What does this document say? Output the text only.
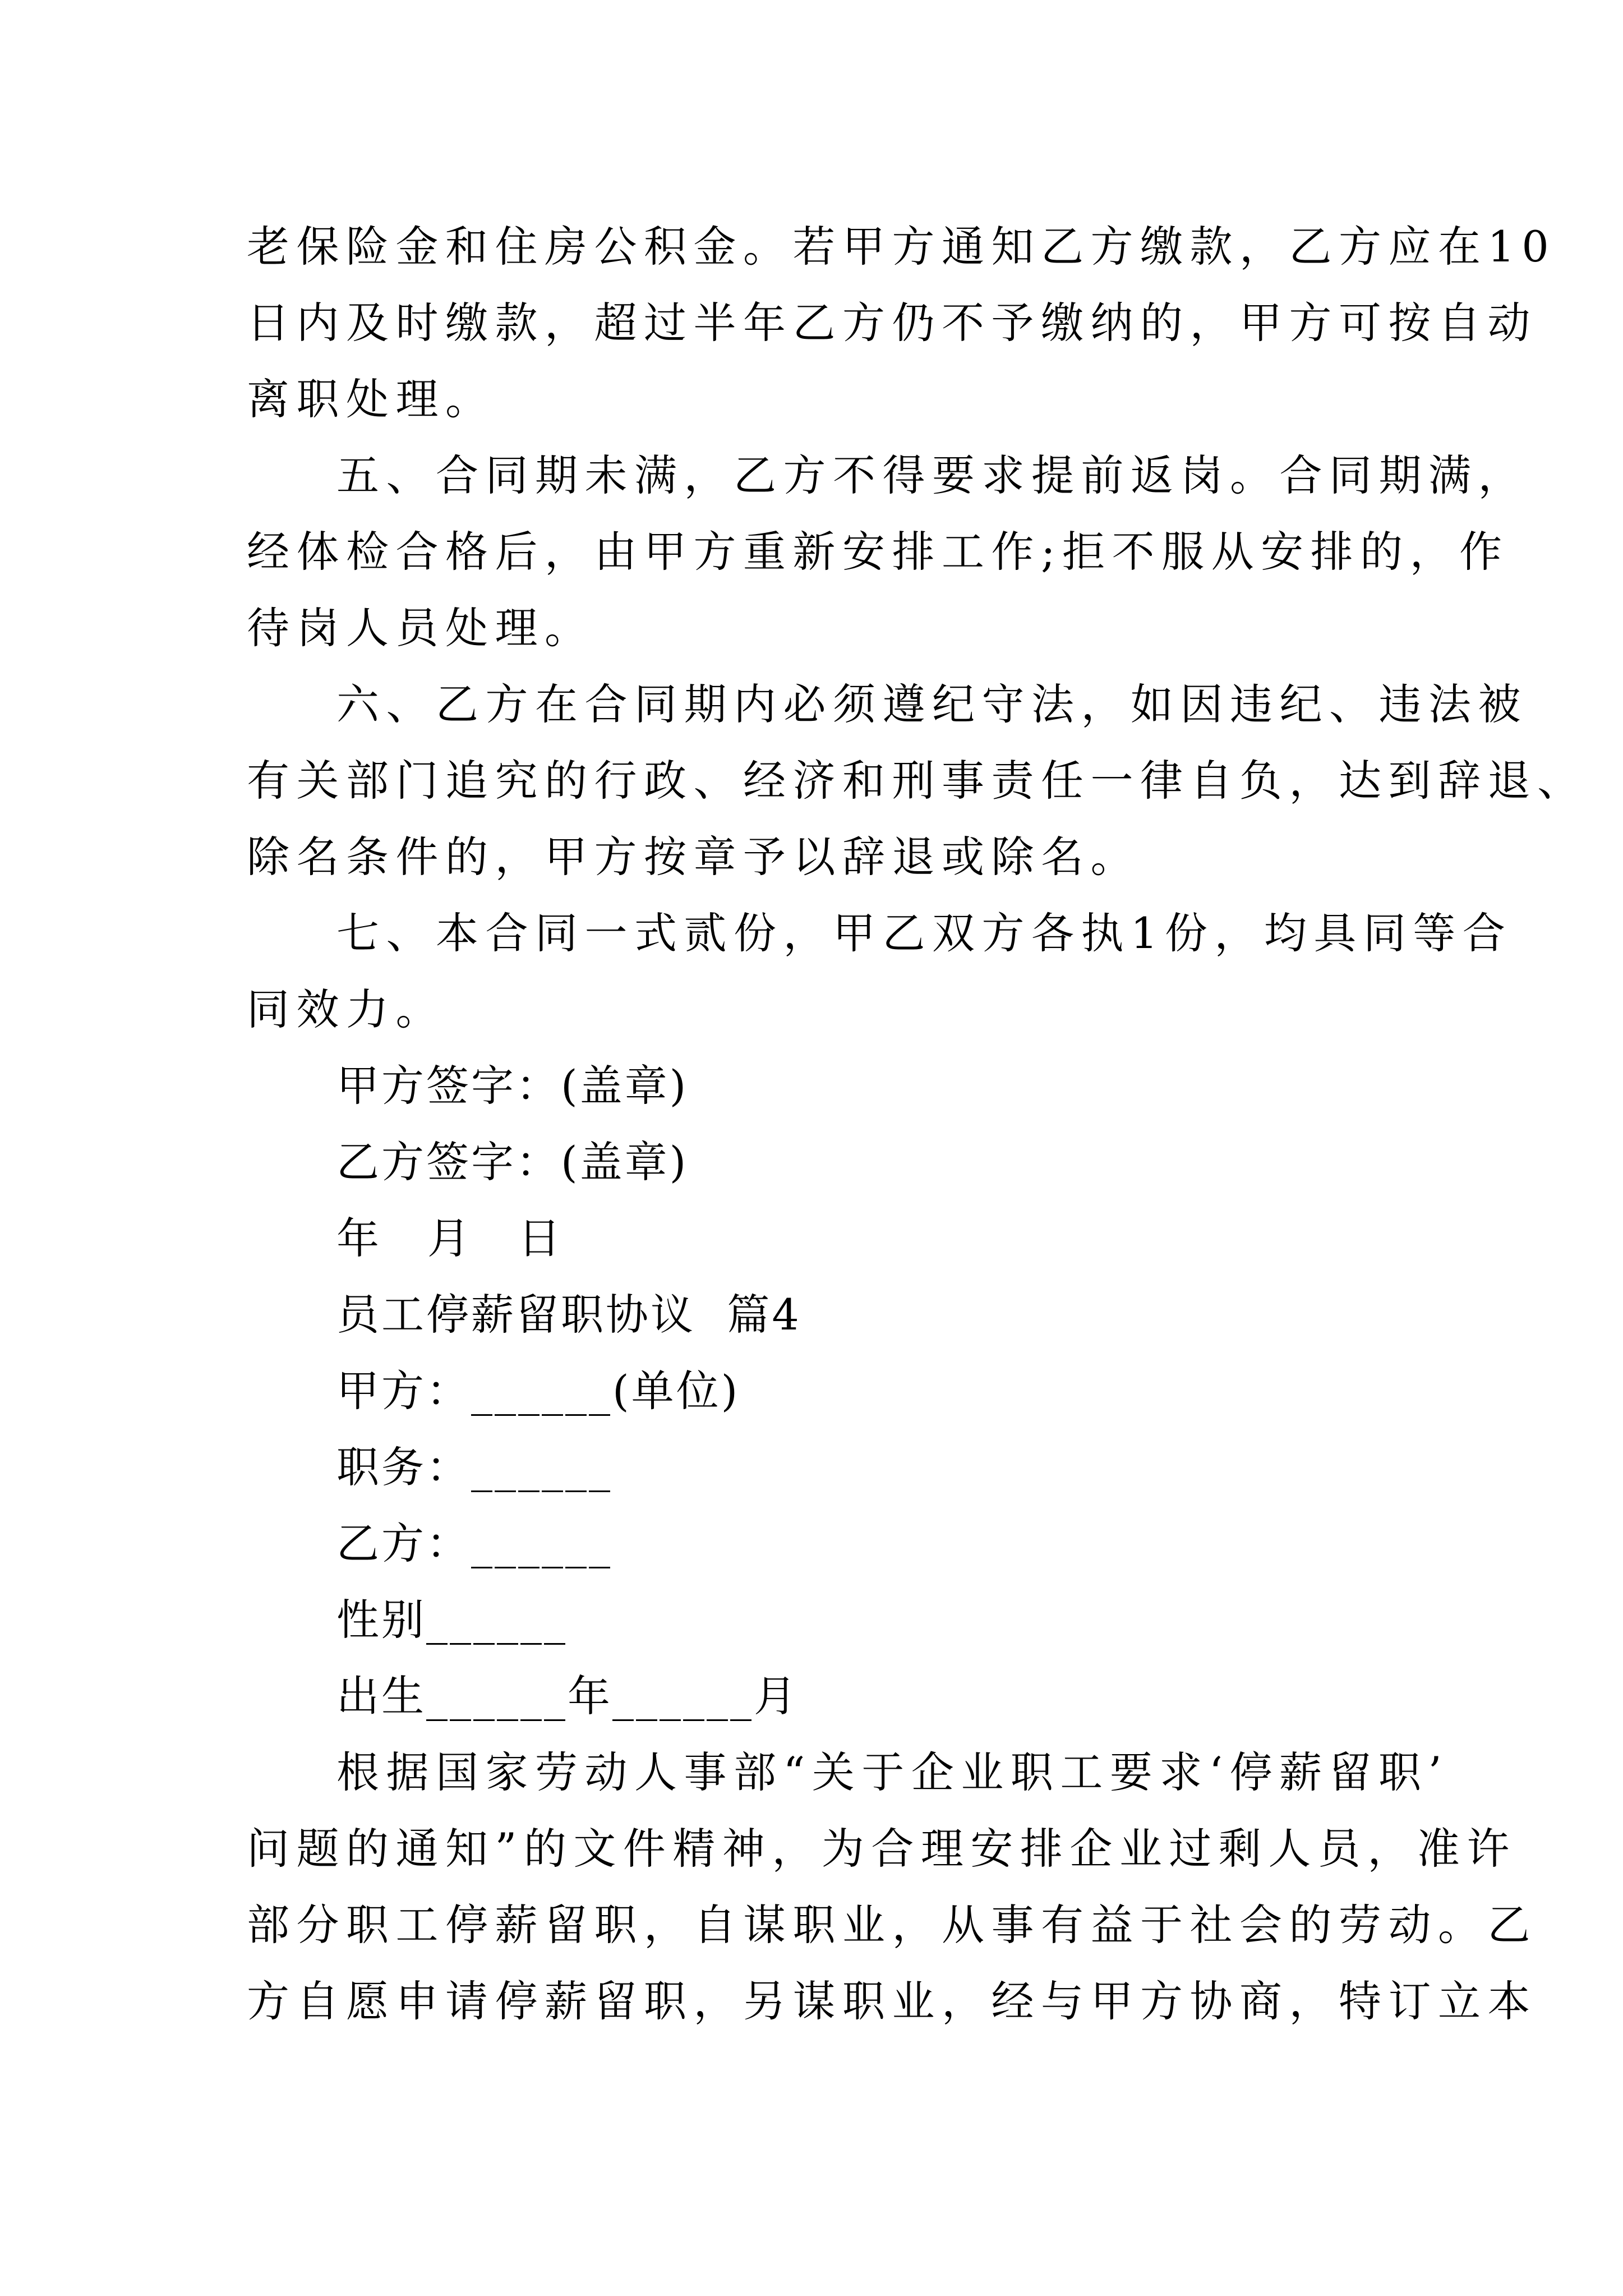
老保险金和住房公积金。若甲方通知乙方缴款，乙方应在10
日内及时缴款，超过半年乙方仍不予缴纳的，甲方可按自动
离职处理。
五、合同期未满，乙方不得要求提前返岗。合同期满，
经体检合格后，由甲方重新安排工作;拒不服从安排的，作
待岗人员处理。
六、乙方在合同期内必须遵纪守法，如因违纪、违法被
有关部门追究的行政、经济和刑事责任一律自负，达到辞退、
除名条件的，甲方按章予以辞退或除名。
七、本合同一式贰份，甲乙双方各执1份，均具同等合
同效力。
甲方签字：(盖章)
乙方签字：(盖章)
年  月  日
员工停薪留职协议  篇4
甲方：______(单位)
职务：______
乙方：______
性别______
出生______年______月
根据国家劳动人事部“关于企业职工要求‘停薪留职’
问题的通知”的文件精神，为合理安排企业过剩人员，准许
部分职工停薪留职，自谋职业，从事有益于社会的劳动。乙
方自愿申请停薪留职，另谋职业，经与甲方协商，特订立本
